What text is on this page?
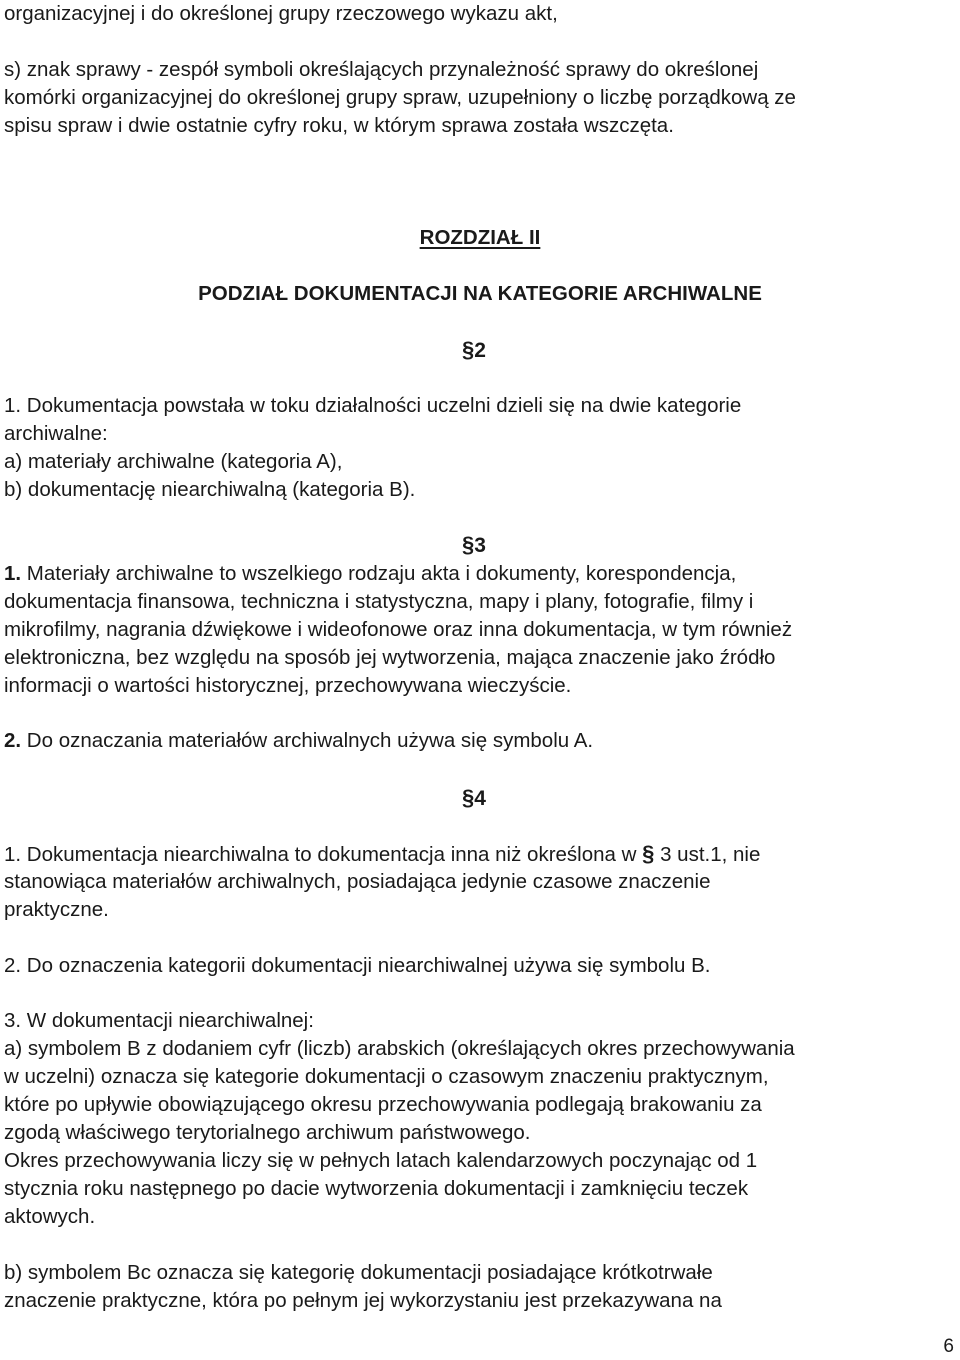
organizacyjnej i do określonej grupy rzeczowego wykazu akt,
s) znak sprawy - zespół symboli określających przynależność sprawy do określonej
komórki organizacyjnej do określonej grupy spraw, uzupełniony o liczbę porządkową ze
spisu spraw i dwie ostatnie cyfry roku, w którym sprawa została wszczęta.
ROZDZIAŁ II
PODZIAŁ DOKUMENTACJI NA KATEGORIE ARCHIWALNE
§2
1. Dokumentacja powstała w toku działalności uczelni dzieli się na dwie kategorie
archiwalne:
a) materiały archiwalne (kategoria A),
b) dokumentację niearchiwalną (kategoria B).
§3
1. Materiały archiwalne to wszelkiego rodzaju akta i dokumenty, korespondencja,
dokumentacja finansowa, techniczna i statystyczna, mapy i plany, fotografie, filmy i
mikrofilmy, nagrania dźwiękowe i wideofonowe oraz inna dokumentacja, w tym również
elektroniczna, bez względu na sposób jej wytworzenia, mająca znaczenie jako źródło
informacji o wartości historycznej, przechowywana wieczyście.
2. Do oznaczania materiałów archiwalnych używa się symbolu A.
§4
1. Dokumentacja niearchiwalna to dokumentacja inna niż określona w § 3 ust.1, nie
stanowiąca materiałów archiwalnych, posiadająca jedynie czasowe znaczenie
praktyczne.
2. Do oznaczenia kategorii dokumentacji niearchiwalnej używa się symbolu B.
3. W dokumentacji niearchiwalnej:
a) symbolem B z dodaniem cyfr (liczb) arabskich (określających okres przechowywania
w uczelni) oznacza się kategorie dokumentacji o czasowym znaczeniu praktycznym,
które po upływie obowiązującego okresu przechowywania podlegają brakowaniu za
zgodą właściwego terytorialnego archiwum państwowego.
Okres przechowywania liczy się w pełnych latach kalendarzowych poczynając od 1
stycznia roku następnego po dacie wytworzenia dokumentacji i zamknięciu teczek
aktowych.
b) symbolem Bc oznacza się kategorię dokumentacji posiadające krótkotrwałe
znaczenie praktyczne, która po pełnym jej wykorzystaniu jest przekazywana na
6
